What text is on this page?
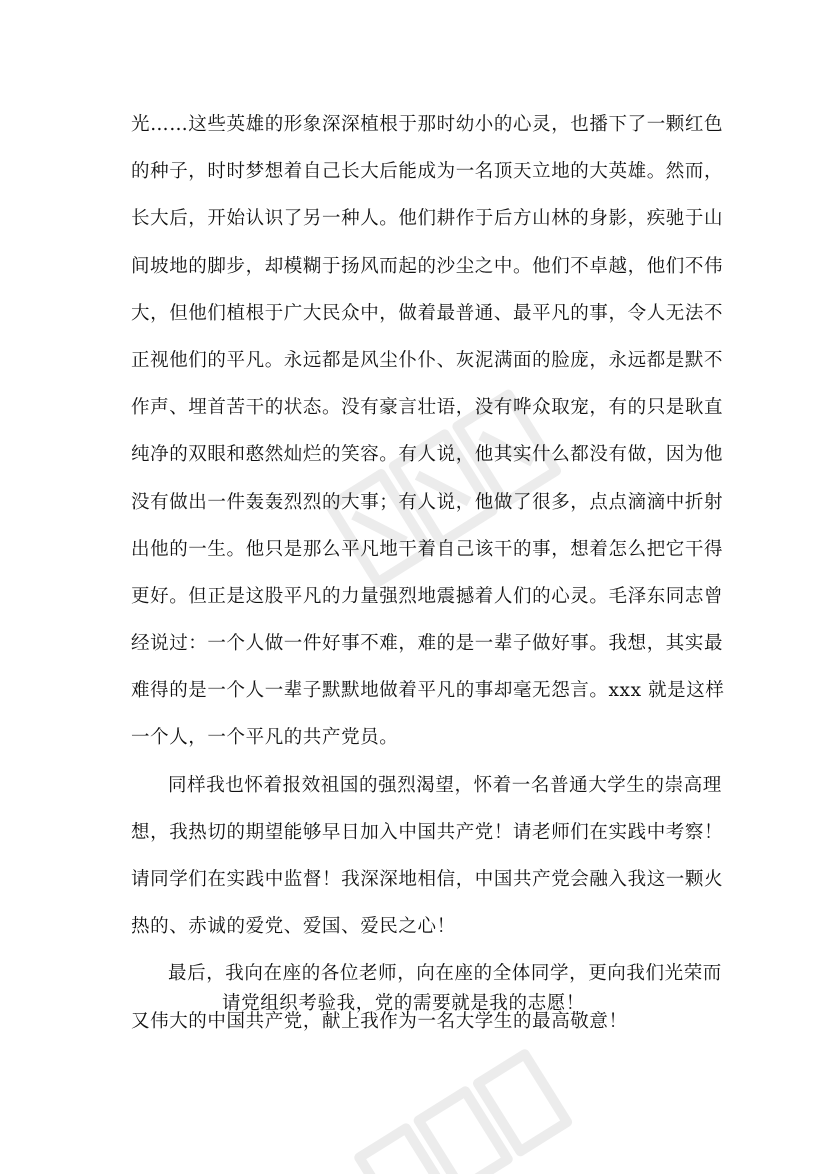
光……这些英雄的形象深深植根于那时幼小的心灵，也播下了一颗红色
的种子，时时梦想着自己长大后能成为一名顶天立地的大英雄。然而，
长大后，开始认识了另一种人。他们耕作于后方山林的身影，疾驰于山
间坡地的脚步，却模糊于扬风而起的沙尘之中。他们不卓越，他们不伟
大，但他们植根于广大民众中，做着最普通、最平凡的事，令人无法不
正视他们的平凡。永远都是风尘仆仆、灰泥满面的脸庞，永远都是默不
作声、埋首苦干的状态。没有豪言壮语，没有哗众取宠，有的只是耿直
纯净的双眼和憨然灿烂的笑容。有人说，他其实什么都没有做，因为他
没有做出一件轰轰烈烈的大事；有人说，他做了很多，点点滴滴中折射
出他的一生。他只是那么平凡地干着自己该干的事，想着怎么把它干得
更好。但正是这股平凡的力量强烈地震撼着人们的心灵。毛泽东同志曾
经说过：一个人做一件好事不难，难的是一辈子做好事。我想，其实最
难得的是一个人一辈子默默地做着平凡的事却毫无怨言。xxx 就是这样
一个人，一个平凡的共产党员。
同样我也怀着报效祖国的强烈渴望，怀着一名普通大学生的崇高理
想，我热切的期望能够早日加入中国共产党！请老师们在实践中考察！
请同学们在实践中监督！我深深地相信，中国共产党会融入我这一颗火
热的、赤诚的爱党、爱国、爱民之心！
最后，我向在座的各位老师，向在座的全体同学，更向我们光荣而
又伟大的中国共产党，献上我作为一名大学生的最高敬意！
请党组织考验我，党的需要就是我的志愿！
